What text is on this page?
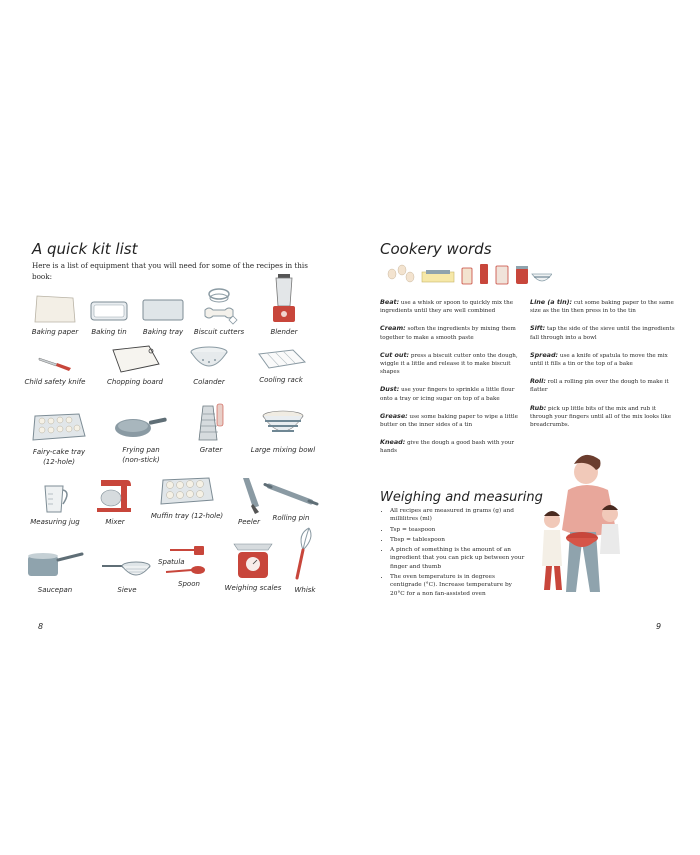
A quick kit list
Here is a list of equipment that you will need for some of the recipes in this book:
Baking paper	Baking tin	Baking tray	Biscuit cutters	Blender
Child safety knife	Chopping board	Colander	Cooling rack
Fairy-cake tray
(12-hole)
Frying pan
(non-stick)
Grater	Large mixing bowl
Measuring jug	Mixer
Muffin tray (12-hole)
Peeler	Rolling pin
Saucepan	Sieve
Spatula
Spoon	Weighing scales	Whisk
8
Cookery words
Beat: use a whisk or spoon to quickly mix the ingredients until they are well combined
Cream: soften the ingredients by mixing them together to make a smooth paste
Cut out: press a biscuit cutter onto the dough, wiggle it a little and release it to make biscuit shapes
Dust: use your fingers to sprinkle a little flour onto a tray or icing sugar on top of a bake
Grease: use some baking paper to wipe a little butter on the inner sides of a tin
Knead: give the dough a good bash with your hands
Line (a tin): cut some baking paper to the same size as the tin then press in to the tin
Sift: tap the side of the sieve until the ingredients fall through into a bowl
Spread: use a knife of spatula to move the mix until it fills a tin or the top of a bake
Roll: roll a rolling pin over the dough to make it flatter
Rub: pick up little bits of the mix and rub it through your fingers until all of the mix looks like breadcrumbs.
Weighing and measuring
• All recipes are measured in grams (g) and millilitres (ml)
• Tsp = teaspoon
• Tbsp = tablespoon
• A pinch of something is the amount of an ingredient that you can pick up between your finger and thumb
• The oven temperature is in degrees centigrade (°C). Increase temperature by 20°C for a non fan-assisted oven
9
